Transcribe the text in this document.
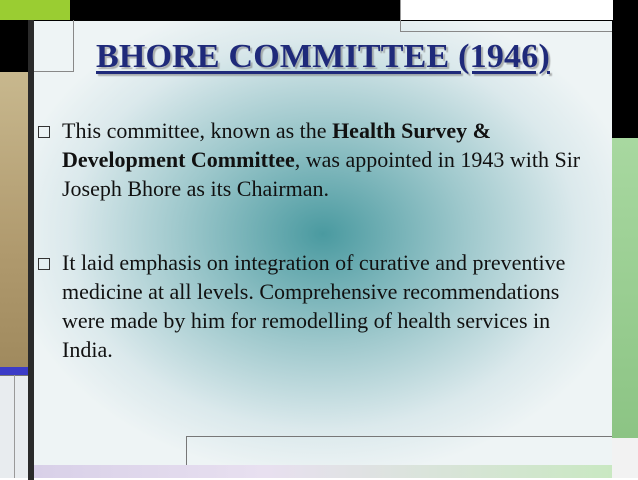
BHORE COMMITTEE (1946)
This committee, known as the Health Survey & Development Committee, was appointed in 1943 with Sir Joseph Bhore as its Chairman.
It laid emphasis on integration of curative and preventive medicine at all levels. Comprehensive recommendations were made by him for remodelling of health services in India.
